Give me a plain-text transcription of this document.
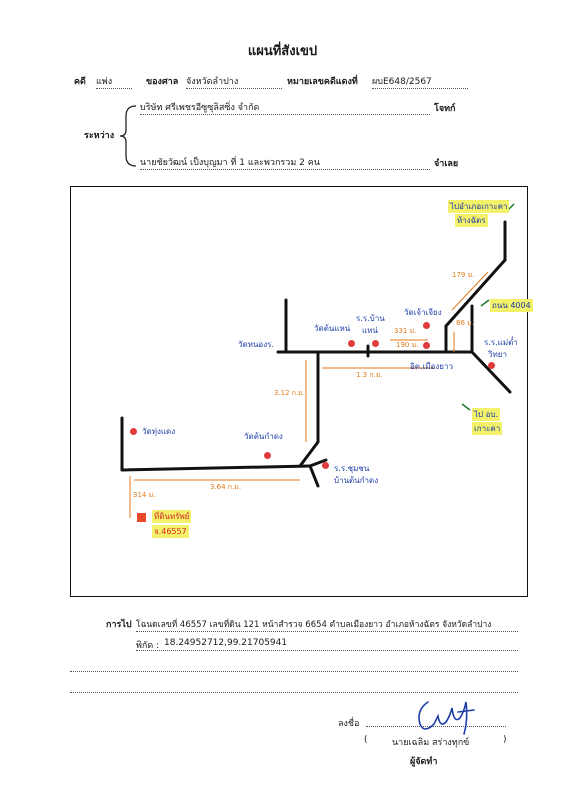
แผนที่สังเขป
คดี แพ่ง	ของศาล จังหวัดลำปาง	หมายเลขคดีแดงที่ ผบE648/2567
บริษัท ศรีเพชรอีซูซุลิสซิ่ง จำกัด	โจทก์
ระหว่าง
นายชัยวัฒน์ เป็งบุญมา ที่ 1 และพวกรวม 2 คน	จำเลย
ไปอำเภอเกาะคา
ห้างฉัตร
ถนน 4004
ร.ร.แม่ต๋ำ
วิทยา
ไป อบ.
เกาะคา
วัดหนองร.
วัดต้นแหน่
ร.ร.บ้าน
แหน่
วัดเจ้าเจียง
อิต.เมืองยาว
วัดทุ่งแดง
วัดต้นกำดง
ร.ร.ชุมชน
บ้านต้นกำดง
ที่ดินทรัพย์
จ.46557
179 ม.
331 ม.
190 ม.
86 ม.
1.3 ก.ม.
3.12 ก.ม.
3.64 ก.ม.
314 ม.
การไป โฉนดเลขที่ 46557 เลขที่ดิน 121 หน้าสำรวจ 6654 ตำบลเมืองยาว อำเภอห้างฉัตร จังหวัดลำปาง
พิกัด : 18.24952712,99.21705941
ลงชื่อ
(	นายเฉลิม สร่างทุกข์	)
ผู้จัดทำ
